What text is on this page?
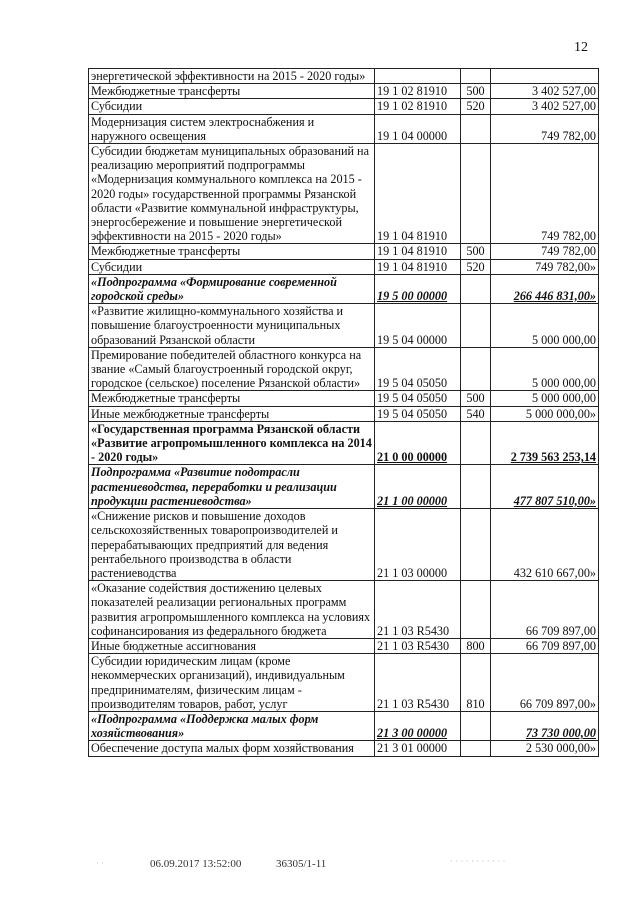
12
энергетической эффективности на 2015 - 2020 годы»			
Межбюджетные трансферты	19 1 02 81910	500	3 402 527,00
Субсидии	19 1 02 81910	520	3 402 527,00
Модернизация систем электроснабжения и наружного освещения	19 1 04 00000		749 782,00
Субсидии бюджетам муниципальных образований на реализацию мероприятий подпрограммы «Модернизация коммунального комплекса на 2015 - 2020 годы» государственной программы Рязанской области «Развитие коммунальной инфраструктуры, энергосбережение и повышение энергетической эффективности на 2015 - 2020 годы»	19 1 04 81910		749 782,00
Межбюджетные трансферты	19 1 04 81910	500	749 782,00
Субсидии	19 1 04 81910	520	749 782,00»
«Подпрограмма «Формирование современной городской среды»	19 5 00 00000		266 446 831,00»
«Развитие жилищно-коммунального хозяйства и повышение благоустроенности муниципальных образований Рязанской области	19 5 04 00000		5 000 000,00
Премирование победителей областного конкурса на звание «Самый благоустроенный городской округ, городское (сельское) поселение Рязанской области»	19 5 04 05050		5 000 000,00
Межбюджетные трансферты	19 5 04 05050	500	5 000 000,00
Иные межбюджетные трансферты	19 5 04 05050	540	5 000 000,00»
«Государственная программа Рязанской области «Развитие агропромышленного комплекса на 2014 - 2020 годы»	21 0 00 00000		2 739 563 253,14
Подпрограмма «Развитие подотрасли растениеводства, переработки и реализации продукции растениеводства»	21 1 00 00000		477 807 510,00»
«Снижение рисков и повышение доходов сельскохозяйственных товаропроизводителей и перерабатывающих предприятий для ведения рентабельного производства в области растениеводства	21 1 03 00000		432 610 667,00»
«Оказание содействия достижению целевых показателей реализации региональных программ развития агропромышленного комплекса на условиях софинансирования из федерального бюджета	21 1 03 R5430		66 709 897,00
Иные бюджетные ассигнования	21 1 03 R5430	800	66 709 897,00
Субсидии юридическим лицам (кроме некоммерческих организаций), индивидуальным предпринимателям, физическим лицам - производителям товаров, работ, услуг	21 1 03 R5430	810	66 709 897,00»
«Подпрограмма «Поддержка малых форм хозяйствования»	21 3 00 00000		73 730 000,00
Обеспечение доступа малых форм хозяйствования	21 3 01 00000		2 530 000,00»
06.09.2017 13:52:00	36305/1-11
· ·	· · · · · · · · · · ·
